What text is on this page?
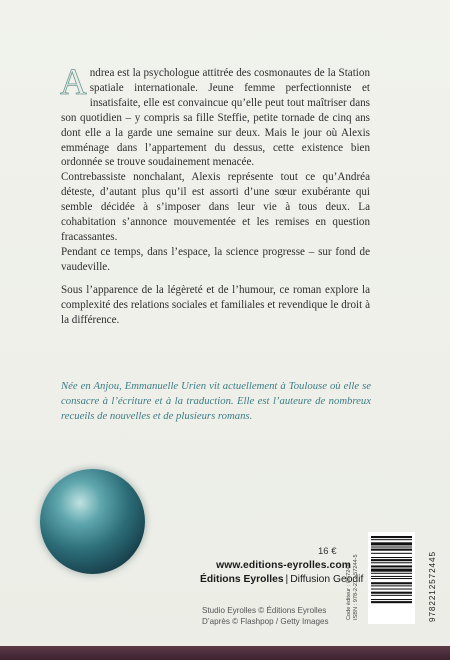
Andrea est la psychologue attitrée des cosmonautes de la Station spatiale internationale. Jeune femme perfectionniste et insatisfaite, elle est convaincue qu’elle peut tout maîtriser dans son quotidien – y compris sa fille Steffie, petite tornade de cinq ans dont elle a la garde une semaine sur deux. Mais le jour où Alexis emménage dans l’appartement du dessus, cette existence bien ordonnée se trouve soudainement menacée.

Contrebassiste nonchalant, Alexis représente tout ce qu’Andréa déteste, d’autant plus qu’il est assorti d’une sœur exubérante qui semble décidée à s’imposer dans leur vie à tous deux. La cohabitation s’annonce mouvementée et les remises en question fracassantes.

Pendant ce temps, dans l’espace, la science progresse – sur fond de vaudeville.

Sous l’apparence de la légèreté et de l’humour, ce roman explore la complexité des relations sociales et familiales et revendique le droit à la différence.

Née en Anjou, Emmanuelle Urien vit actuellement à Toulouse où elle se consacre à l’écriture et à la traduction. Elle est l’auteure de nombreux recueils de nouvelles et de plusieurs romans.
16 €
www.editions-eyrolles.com
Éditions Eyrolles | Diffusion Geodif
Studio Eyrolles © Éditions Eyrolles
D’après © Flashpop / Getty Images
Code éditeur : G57244 ISBN : 978-2-212-57244-5	9782212572445
